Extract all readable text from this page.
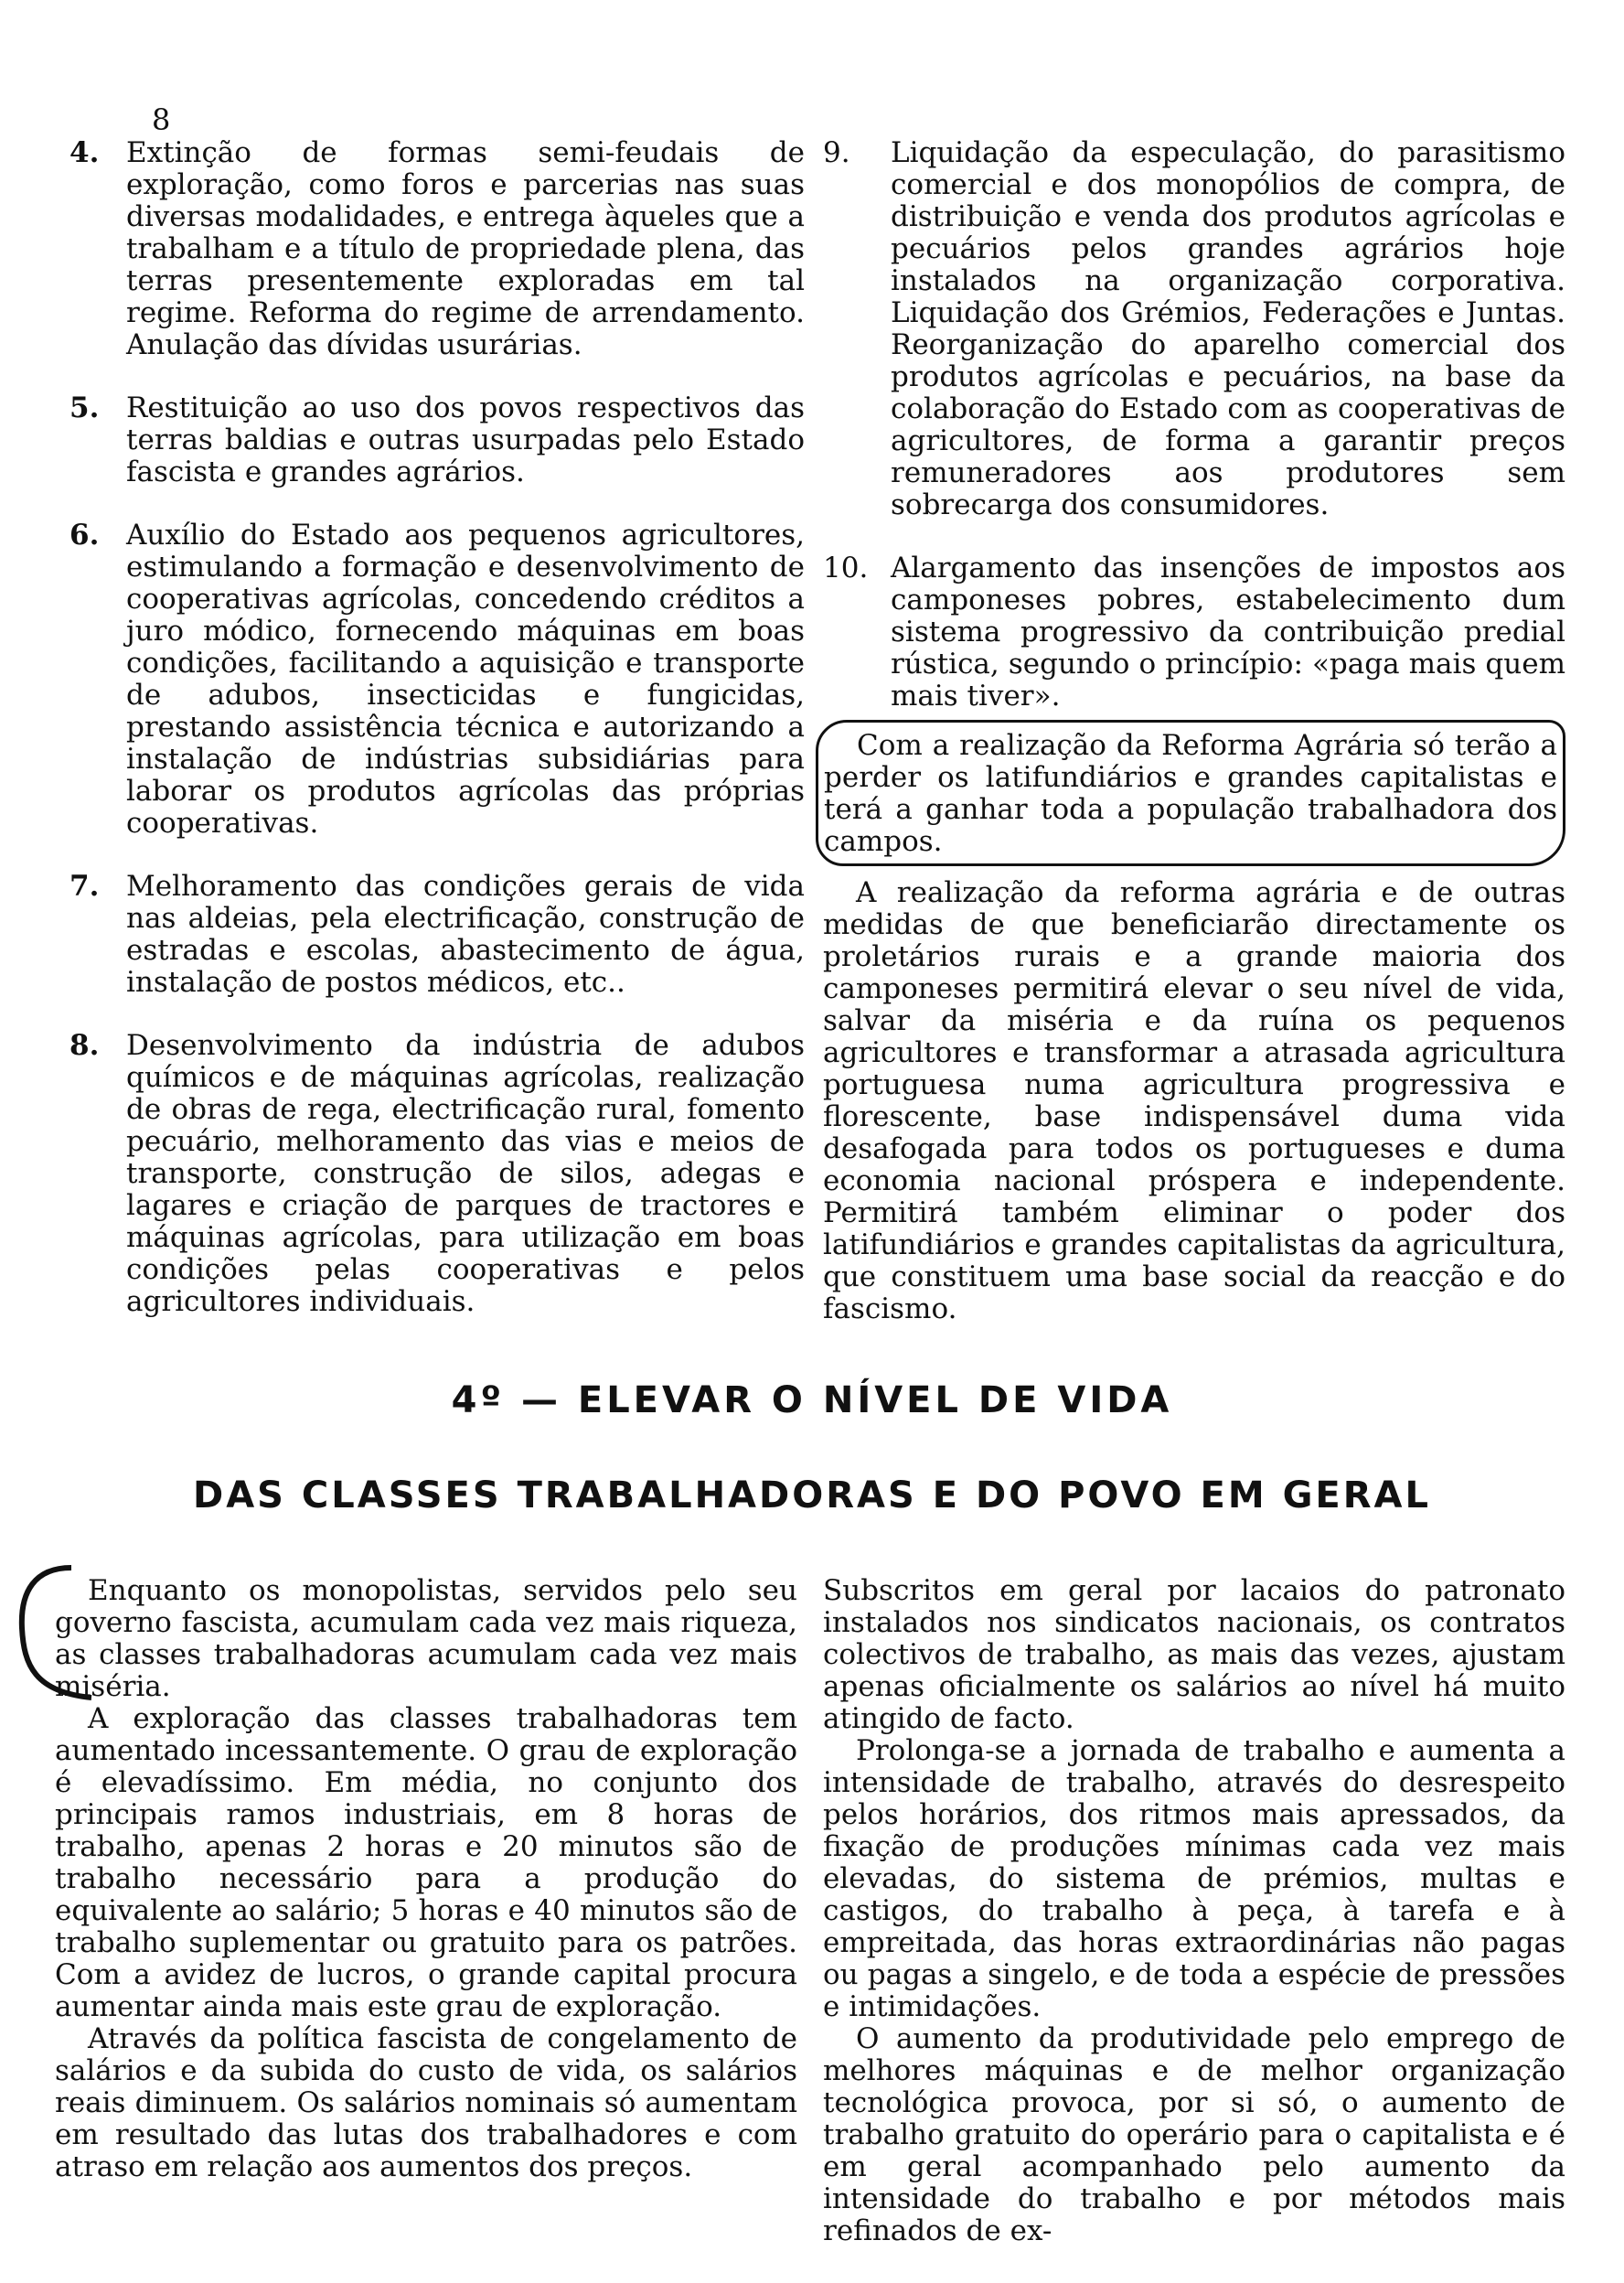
8
4. Extinção de formas semi-feudais de exploração, como foros e parcerias nas suas diversas modalidades, e entrega àqueles que a trabalham e a título de propriedade plena, das terras presentemente exploradas em tal regime. Reforma do regime de arrendamento. Anulação das dívidas usurárias.
5. Restituição ao uso dos povos respectivos das terras baldias e outras usurpadas pelo Estado fascista e grandes agrários.
6. Auxílio do Estado aos pequenos agricultores, estimulando a formação e desenvolvimento de cooperativas agrícolas, concedendo créditos a juro módico, fornecendo máquinas em boas condições, facilitando a aquisição e transporte de adubos, insecticidas e fungicidas, prestando assistência técnica e autorizando a instalação de indústrias subsidiárias para laborar os produtos agrícolas das próprias cooperativas.
7. Melhoramento das condições gerais de vida nas aldeias, pela electrificação, construção de estradas e escolas, abastecimento de água, instalação de postos médicos, etc..
8. Desenvolvimento da indústria de adubos químicos e de máquinas agrícolas, realização de obras de rega, electrificação rural, fomento pecuário, melhoramento das vias e meios de transporte, construção de silos, adegas e lagares e criação de parques de tractores e máquinas agrícolas, para utilização em boas condições pelas cooperativas e pelos agricultores individuais.
9.	Liquidação da especulação, do parasitismo comercial e dos monopólios de compra, de distribuição e venda dos produtos agrícolas e pecuários pelos grandes agrários hoje instalados na organização corporativa. Liquidação dos Grémios, Federações e Juntas. Reorganização do aparelho comercial dos produtos agrícolas e pecuários, na base da colaboração do Estado com as cooperativas de agricultores, de forma a garantir preços remuneradores aos produtores sem sobrecarga dos consumidores.
10. Alargamento das insenções de impostos aos camponeses pobres, estabelecimento dum sistema progressivo da contribuição predial rústica, segundo o princípio: «paga mais quem mais tiver».
Com a realização da Reforma Agrária só terão a perder os latifundiários e grandes capitalistas e terá a ganhar toda a população trabalhadora dos campos.

A realização da reforma agrária e de outras medidas de que beneficiarão directamente os proletários rurais e a grande maioria dos camponeses permitirá elevar o seu nível de vida, salvar da miséria e da ruína os pequenos agricultores e transformar a atrasada agricultura portuguesa numa agricultura progressiva e florescente, base indispensável duma vida desafogada para todos os portugueses e duma economia nacional próspera e independente. Permitirá também eliminar o poder dos latifundiários e grandes capitalistas da agricultura, que constituem uma base social da reacção e do fascismo.

4º — ELEVAR O NÍVEL DE VIDA
DAS CLASSES TRABALHADORAS E DO POVO EM GERAL

Enquanto os monopolistas, servidos pelo seu governo fascista, acumulam cada vez mais riqueza, as classes trabalhadoras acumulam cada vez mais miséria.

A exploração das classes trabalhadoras tem aumentado incessantemente. O grau de exploração é elevadíssimo. Em média, no conjunto dos principais ramos industriais, em 8 horas de trabalho, apenas 2 horas e 20 minutos são de trabalho necessário para a produção do equivalente ao salário; 5 horas e 40 minutos são de trabalho suplementar ou gratuito para os patrões. Com a avidez de lucros, o grande capital procura aumentar ainda mais este grau de exploração.

Através da política fascista de congelamento de salários e da subida do custo de vida, os salários reais diminuem. Os salários nominais só aumentam em resultado das lutas dos trabalhadores e com atraso em relação aos aumentos dos preços.

Subscritos em geral por lacaios do patronato instalados nos sindicatos nacionais, os contratos colectivos de trabalho, as mais das vezes, ajustam apenas oficialmente os salários ao nível há muito atingido de facto.

Prolonga-se a jornada de trabalho e aumenta a intensidade de trabalho, através do desrespeito pelos horários, dos ritmos mais apressados, da fixação de produções mínimas cada vez mais elevadas, do sistema de prémios, multas e castigos, do trabalho à peça, à tarefa e à empreitada, das horas extraordinárias não pagas ou pagas a singelo, e de toda a espécie de pressões e intimidações.

O aumento da produtividade pelo emprego de melhores máquinas e de melhor organização tecnológica provoca, por si só, o aumento de trabalho gratuito do operário para o capitalista e é em geral acompanhado pelo aumento da intensidade do trabalho e por métodos mais refinados de ex-
